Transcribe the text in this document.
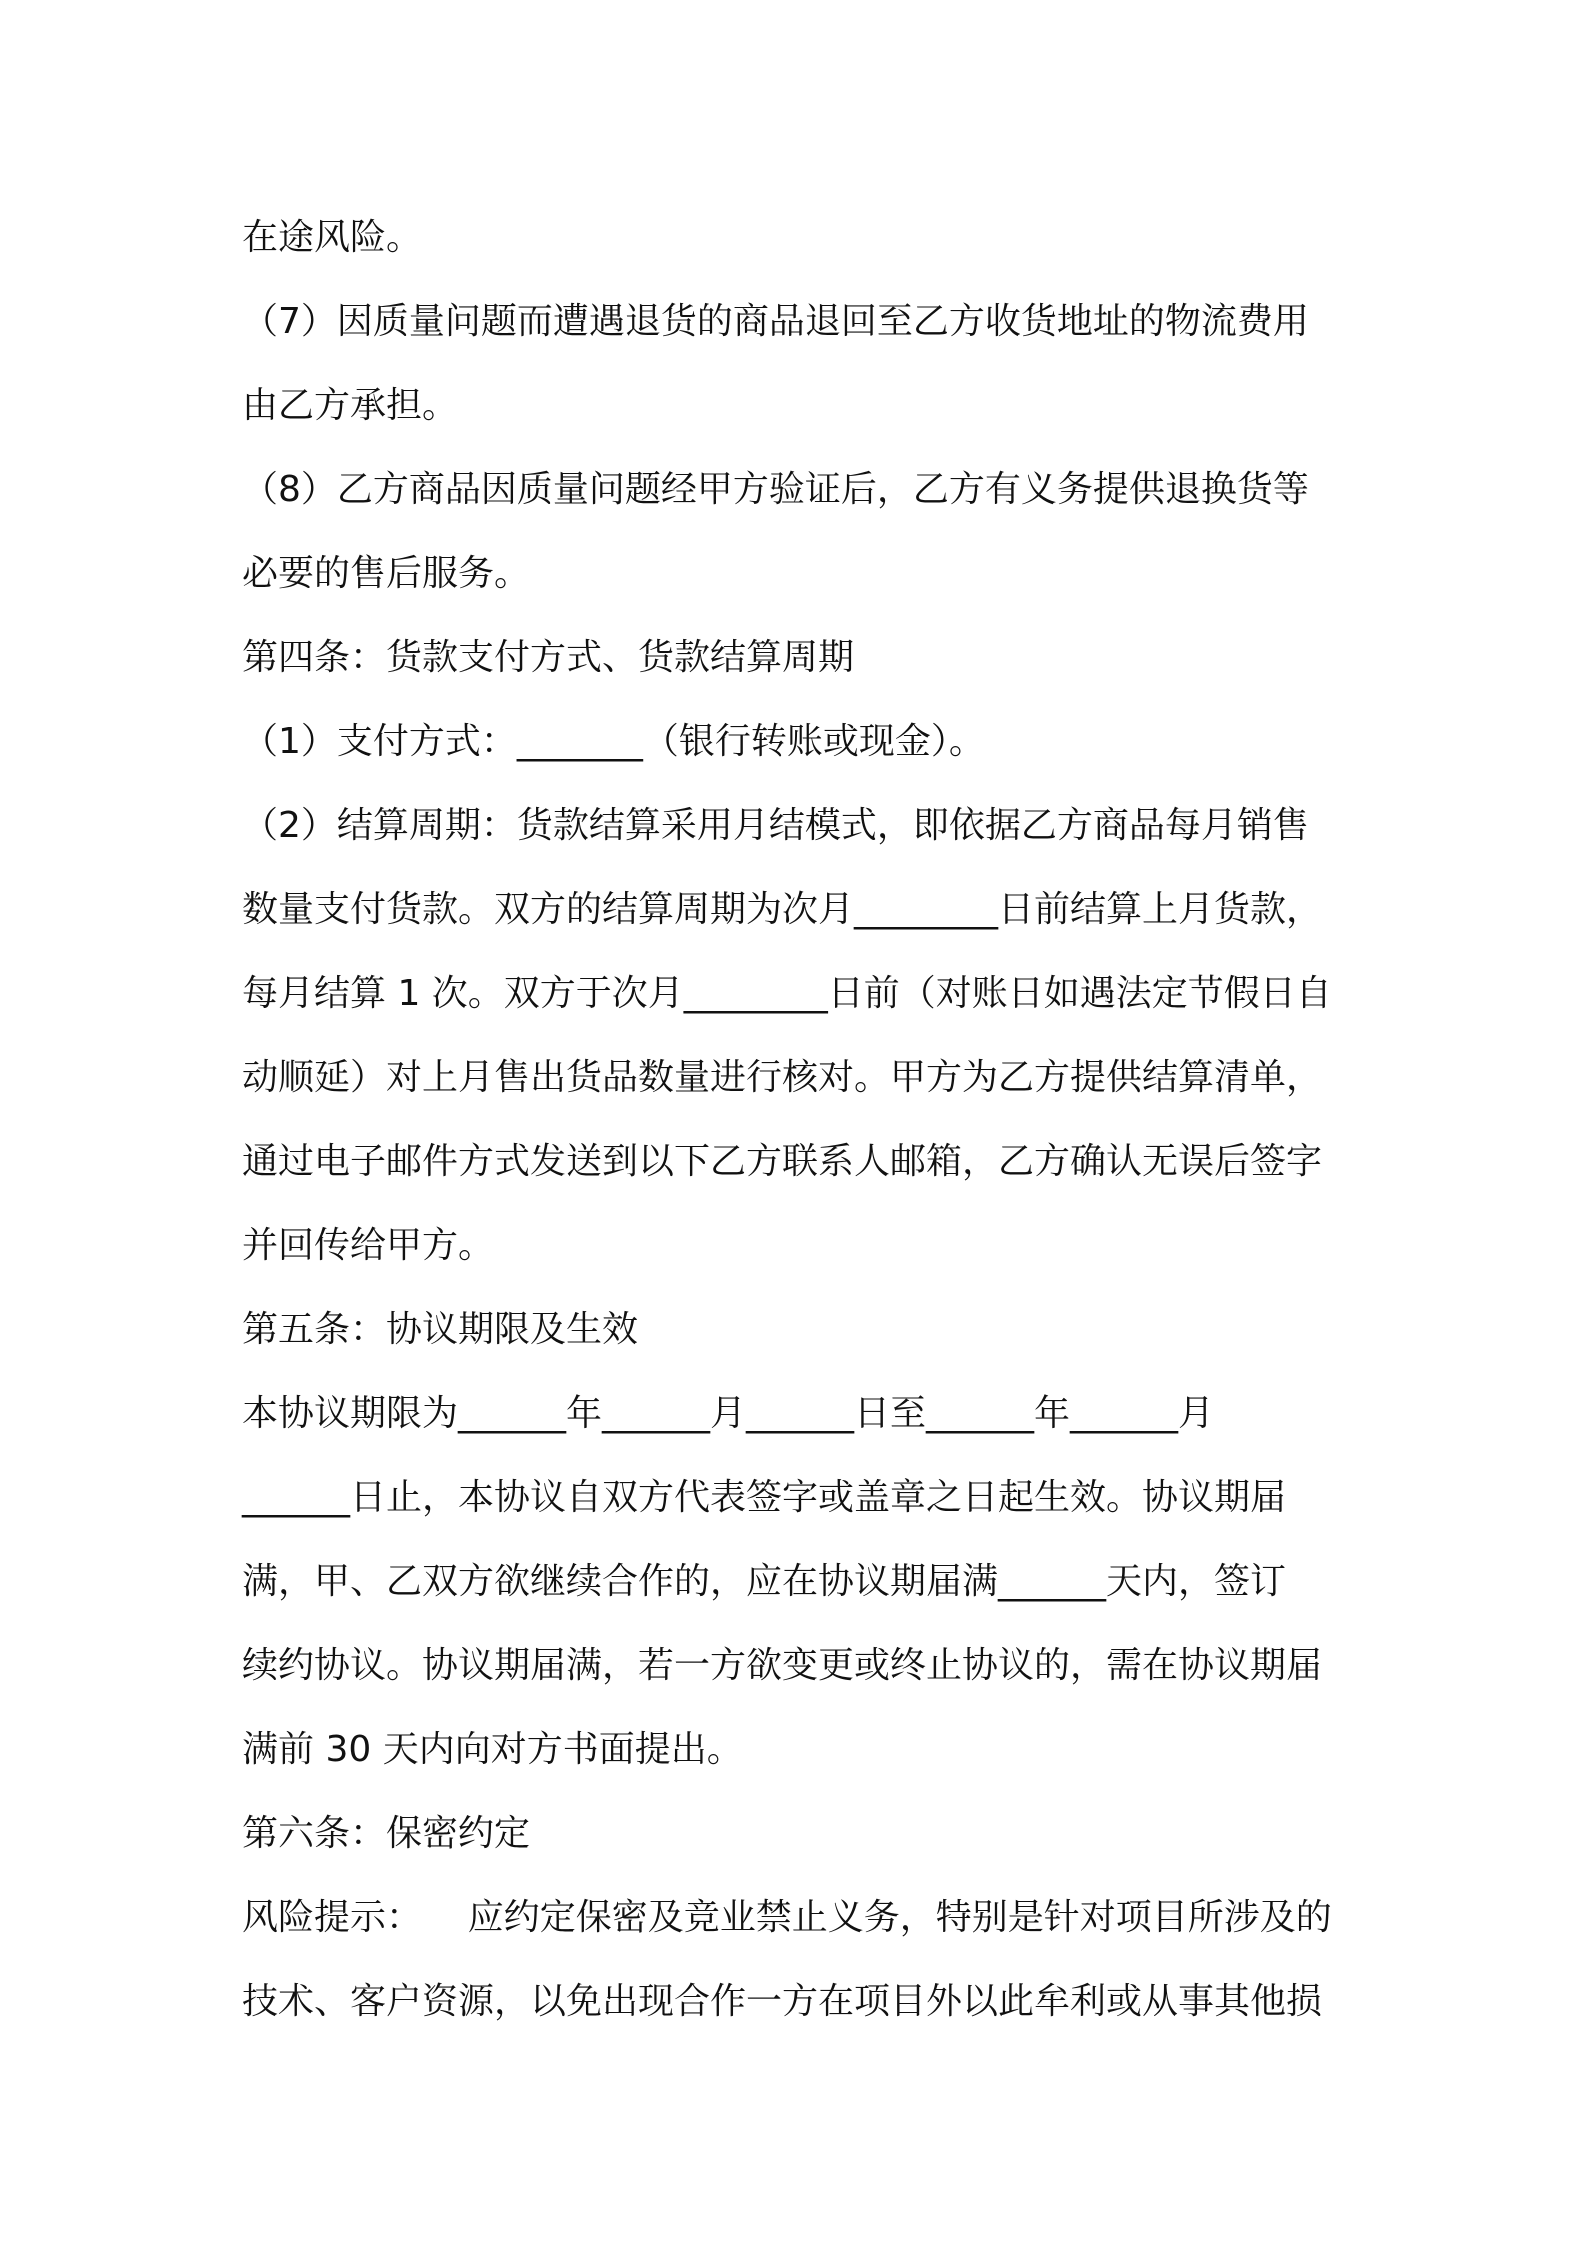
在途风险。
（7）因质量问题而遭遇退货的商品退回至乙方收货地址的物流费用
由乙方承担。
（8）乙方商品因质量问题经甲方验证后，乙方有义务提供退换货等
必要的售后服务。
第四条：货款支付方式、货款结算周期
（1）支付方式：_______（银行转账或现金）。
（2）结算周期：货款结算采用月结模式，即依据乙方商品每月销售
数量支付货款。双方的结算周期为次月________日前结算上月货款，
每月结算 1 次。双方于次月________日前（对账日如遇法定节假日自
动顺延）对上月售出货品数量进行核对。甲方为乙方提供结算清单，
通过电子邮件方式发送到以下乙方联系人邮箱，乙方确认无误后签字
并回传给甲方。
第五条：协议期限及生效
本协议期限为______年______月______日至______年______月
______日止，本协议自双方代表签字或盖章之日起生效。协议期届
满，甲、乙双方欲继续合作的，应在协议期届满______天内，签订
续约协议。协议期届满，若一方欲变更或终止协议的，需在协议期届
满前 30 天内向对方书面提出。
第六条：保密约定
风险提示：    应约定保密及竞业禁止义务，特别是针对项目所涉及的
技术、客户资源，以免出现合作一方在项目外以此牟利或从事其他损
